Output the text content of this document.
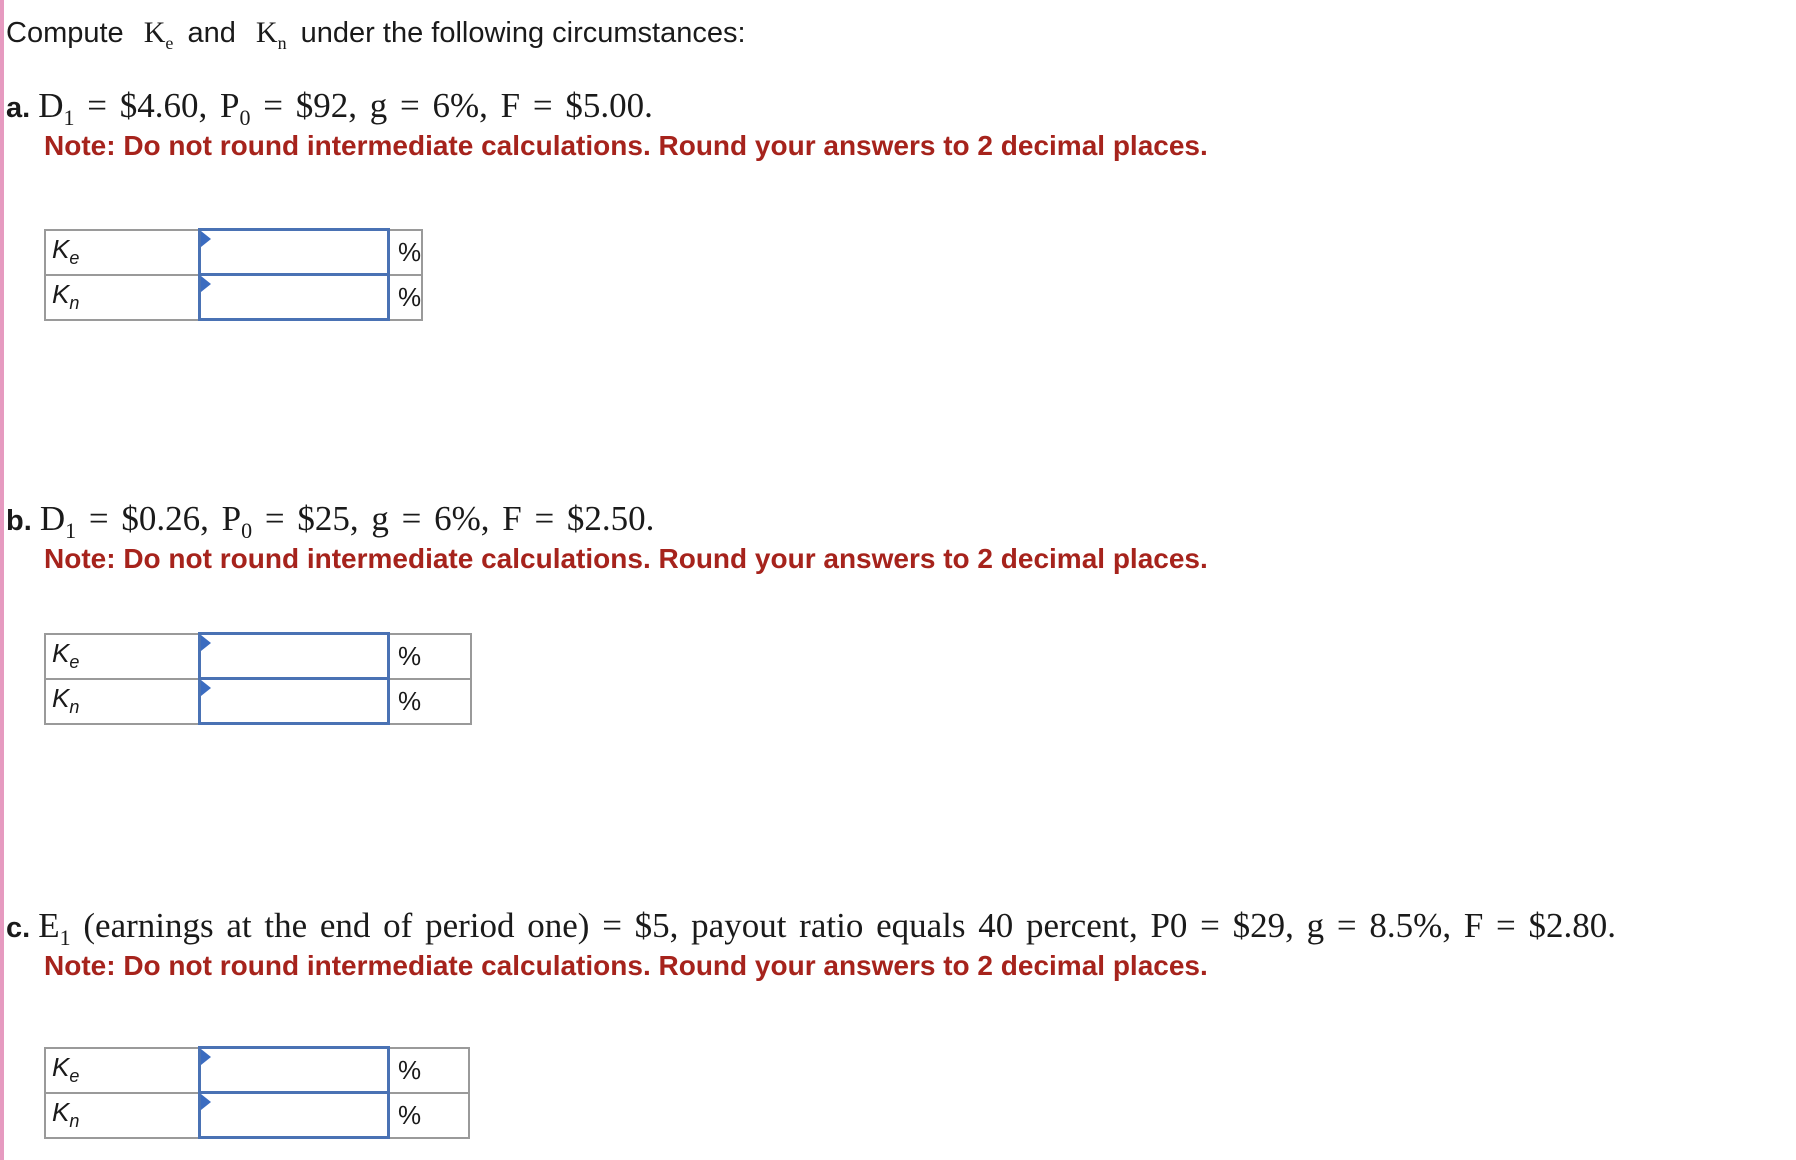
Compute $K_e$ and $K_n$ under the following circumstances:
a. $D_1$ = $4.60, $P_0$ = $92, g = 6%, F = $5.00.
Note: Do not round intermediate calculations. Round your answers to 2 decimal places.
$K_e$		%
$K_n$		%
b. $D_1$ = $0.26, $P_0$ = $25, g = 6%, F = $2.50.
Note: Do not round intermediate calculations. Round your answers to 2 decimal places.
$K_e$		%
$K_n$		%
c. $E_1$ (earnings at the end of period one) = $5, payout ratio equals 40 percent, P0 = $29, g = 8.5%, F = $2.80.
Note: Do not round intermediate calculations. Round your answers to 2 decimal places.
$K_e$		%
$K_n$		%
